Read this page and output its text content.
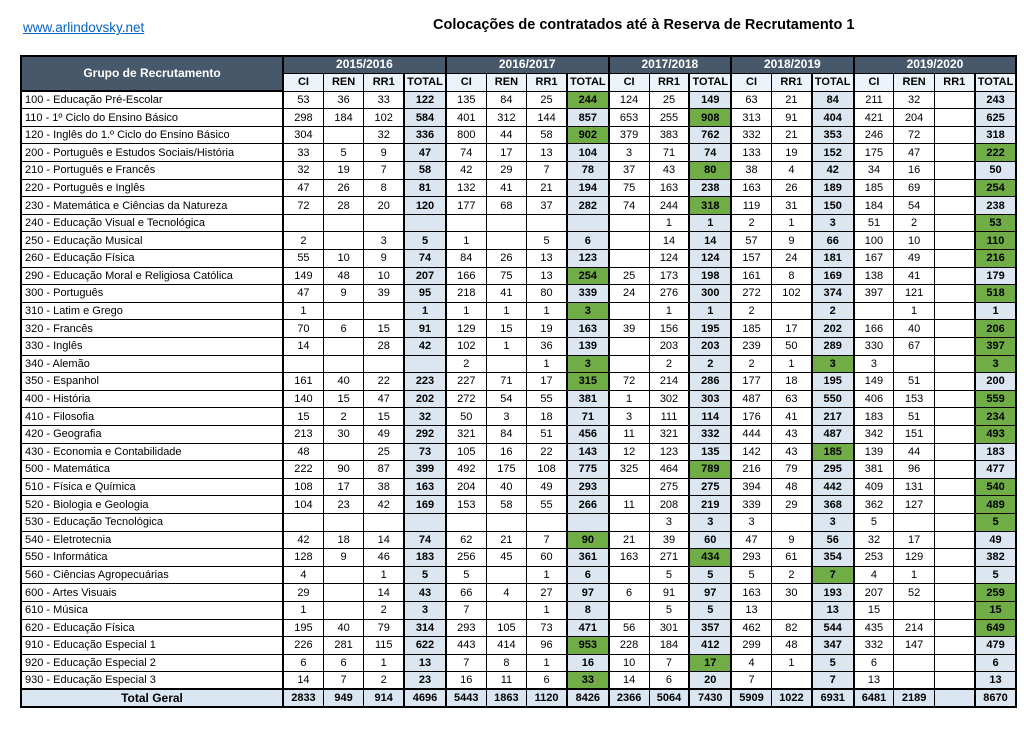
www.arlindovsky.net	Colocações de contratados até à Reserva de Recrutamento 1
Grupo de Recrutamento	2015/2016				2016/2017				2017/2018			2018/2019			2019/2020			
	CI	REN	RR1	TOTAL	CI	REN	RR1	TOTAL	CI	RR1	TOTAL	CI	RR1	TOTAL	CI	REN	RR1	TOTAL
100 - Educação Pré-Escolar	53	36	33	122	135	84	25	244	124	25	149	63	21	84	211	32		243
110 - 1º Ciclo do Ensino Básico	298	184	102	584	401	312	144	857	653	255	908	313	91	404	421	204		625
120 - Inglês do 1.º Ciclo do Ensino Básico	304		32	336	800	44	58	902	379	383	762	332	21	353	246	72		318
200 - Português e Estudos Sociais/História	33	5	9	47	74	17	13	104	3	71	74	133	19	152	175	47		222
210 - Português e Francês	32	19	7	58	42	29	7	78	37	43	80	38	4	42	34	16		50
220 - Português e Inglês	47	26	8	81	132	41	21	194	75	163	238	163	26	189	185	69		254
230 - Matemática e Ciências da Natureza	72	28	20	120	177	68	37	282	74	244	318	119	31	150	184	54		238
240 - Educação Visual e Tecnológica										1	1	2	1	3	51	2		53
250 - Educação Musical	2		3	5	1		5	6		14	14	57	9	66	100	10		110
260 - Educação Física	55	10	9	74	84	26	13	123		124	124	157	24	181	167	49		216
290 - Educação Moral e Religiosa Católica	149	48	10	207	166	75	13	254	25	173	198	161	8	169	138	41		179
300 - Português	47	9	39	95	218	41	80	339	24	276	300	272	102	374	397	121		518
310 - Latim e Grego	1			1	1	1	1	3		1	1	2		2		1		1
320 - Francês	70	6	15	91	129	15	19	163	39	156	195	185	17	202	166	40		206
330 - Inglês	14		28	42	102	1	36	139		203	203	239	50	289	330	67		397
340 - Alemão					2		1	3		2	2	2	1	3	3			3
350 - Espanhol	161	40	22	223	227	71	17	315	72	214	286	177	18	195	149	51		200
400 - História	140	15	47	202	272	54	55	381	1	302	303	487	63	550	406	153		559
410 - Filosofia	15	2	15	32	50	3	18	71	3	111	114	176	41	217	183	51		234
420 - Geografia	213	30	49	292	321	84	51	456	11	321	332	444	43	487	342	151		493
430 - Economia e Contabilidade	48		25	73	105	16	22	143	12	123	135	142	43	185	139	44		183
500 - Matemática	222	90	87	399	492	175	108	775	325	464	789	216	79	295	381	96		477
510 - Física e Química	108	17	38	163	204	40	49	293		275	275	394	48	442	409	131		540
520 - Biologia e Geologia	104	23	42	169	153	58	55	266	11	208	219	339	29	368	362	127		489
530 - Educação Tecnológica										3	3	3		3	5			5
540 - Eletrotecnia	42	18	14	74	62	21	7	90	21	39	60	47	9	56	32	17		49
550 - Informática	128	9	46	183	256	45	60	361	163	271	434	293	61	354	253	129		382
560 - Ciências Agropecuárias	4		1	5	5		1	6		5	5	5	2	7	4	1		5
600 - Artes Visuais	29		14	43	66	4	27	97	6	91	97	163	30	193	207	52		259
610 - Música	1		2	3	7		1	8		5	5	13		13	15			15
620 - Educação Física	195	40	79	314	293	105	73	471	56	301	357	462	82	544	435	214		649
910 - Educação Especial 1	226	281	115	622	443	414	96	953	228	184	412	299	48	347	332	147		479
920 - Educação Especial 2	6	6	1	13	7	8	1	16	10	7	17	4	1	5	6			6
930 - Educação Especial 3	14	7	2	23	16	11	6	33	14	6	20	7		7	13			13
Total Geral	2833	949	914	4696	5443	1863	1120	8426	2366	5064	7430	5909	1022	6931	6481	2189		8670
